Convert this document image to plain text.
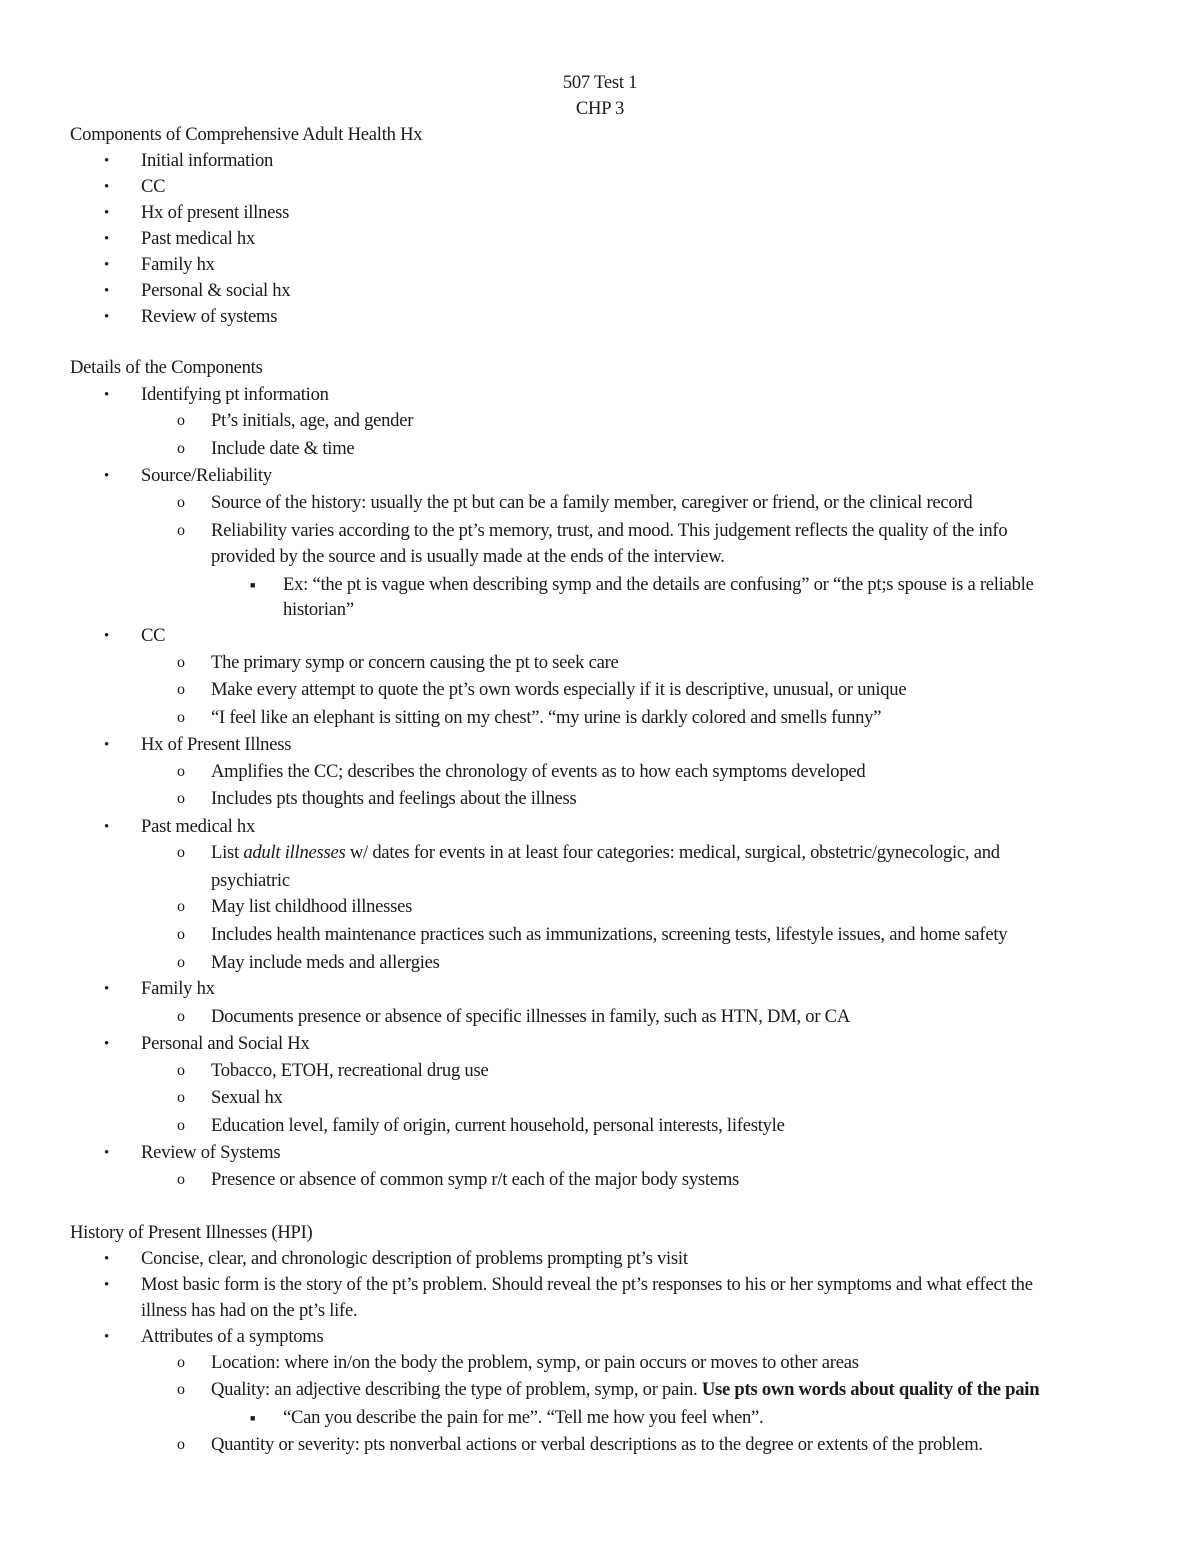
507 Test 1
CHP 3
Components of Comprehensive Adult Health Hx
• Initial information
• CC
• Hx of present illness
• Past medical hx
• Family hx
• Personal & social hx
• Review of systems
Details of the Components
• Identifying pt information
o Pt’s initials, age, and gender
o Include date & time
• Source/Reliability
o Source of the history: usually the pt but can be a family member, caregiver or friend, or the clinical record
o Reliability varies according to the pt’s memory, trust, and mood. This judgement reflects the quality of the info
provided by the source and is usually made at the ends of the interview.
■ Ex: “the pt is vague when describing symp and the details are confusing” or “the pt;s spouse is a reliable
historian”
• CC
o The primary symp or concern causing the pt to seek care
o Make every attempt to quote the pt’s own words especially if it is descriptive, unusual, or unique
o “I feel like an elephant is sitting on my chest”. “my urine is darkly colored and smells funny”
• Hx of Present Illness
o Amplifies the CC; describes the chronology of events as to how each symptoms developed
o Includes pts thoughts and feelings about the illness
• Past medical hx
o List adult illnesses w/ dates for events in at least four categories: medical, surgical, obstetric/gynecologic, and
psychiatric
o May list childhood illnesses
o Includes health maintenance practices such as immunizations, screening tests, lifestyle issues, and home safety
o May include meds and allergies
• Family hx
o Documents presence or absence of specific illnesses in family, such as HTN, DM, or CA
• Personal and Social Hx
o Tobacco, ETOH, recreational drug use
o Sexual hx
o Education level, family of origin, current household, personal interests, lifestyle
• Review of Systems
o Presence or absence of common symp r/t each of the major body systems
History of Present Illnesses (HPI)
• Concise, clear, and chronologic description of problems prompting pt’s visit
• Most basic form is the story of the pt’s problem. Should reveal the pt’s responses to his or her symptoms and what effect the
illness has had on the pt’s life.
• Attributes of a symptoms
o Location: where in/on the body the problem, symp, or pain occurs or moves to other areas
o Quality: an adjective describing the type of problem, symp, or pain. Use pts own words about quality of the pain
■ “Can you describe the pain for me”. “Tell me how you feel when”.
o Quantity or severity: pts nonverbal actions or verbal descriptions as to the degree or extents of the problem.
